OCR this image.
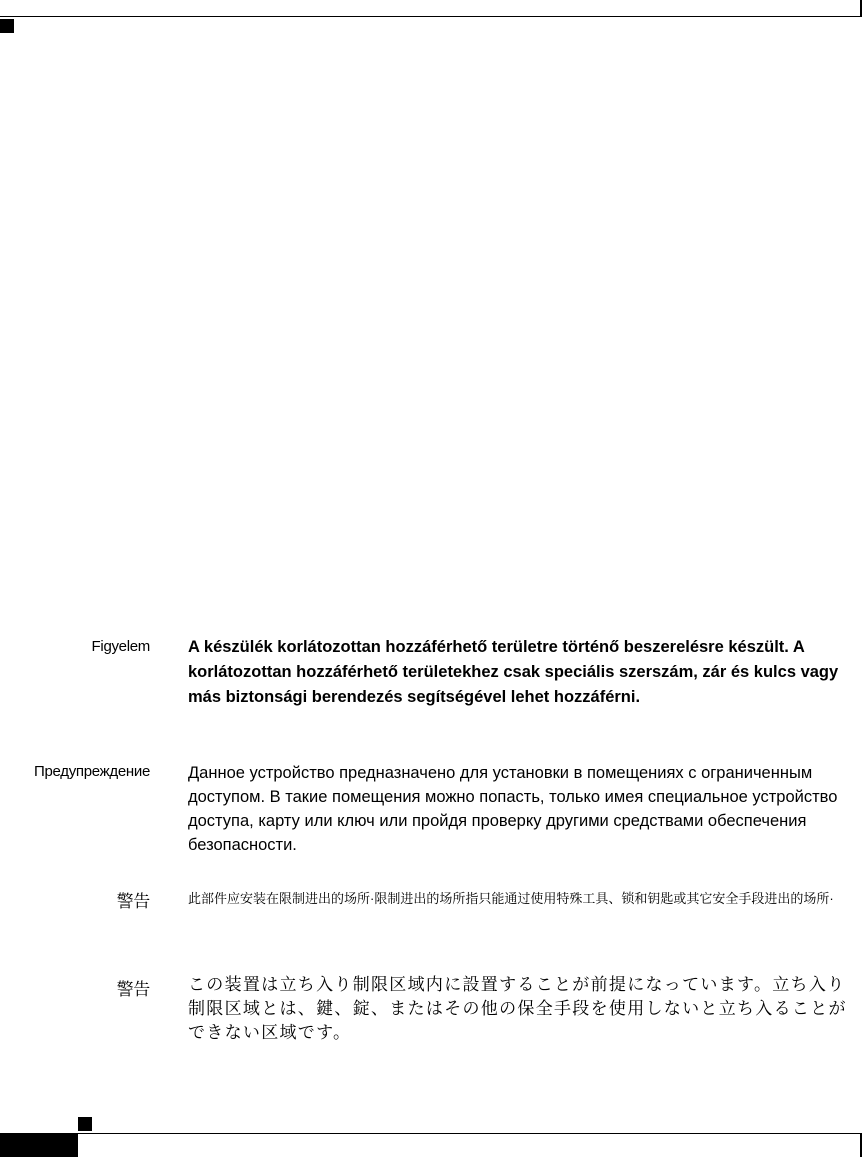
Figyelem A készülék korlátozottan hozzáférhető területre történő beszerelésre készült. A korlátozottan hozzáférhető területekhez csak speciális szerszám, zár és kulcs vagy más biztonsági berendezés segítségével lehet hozzáférni.
Предупреждение Данное устройство предназначено для установки в помещениях с ограниченным доступом. В такие помещения можно попасть, только имея специальное устройство доступа, карту или ключ или пройдя проверку другими средствами обеспечения безопасности.
警告	此部件应安装在限制进出的场所·限制进出的场所指只能通过使用特殊工具、锁和钥匙或其它安全手段进出的场所·
警告 この装置は立ち入り制限区域内に設置することが前提になっています。立ち入り制限区域とは、鍵、錠、またはその他の保全手段を使用しないと立ち入ることができない区域です。
